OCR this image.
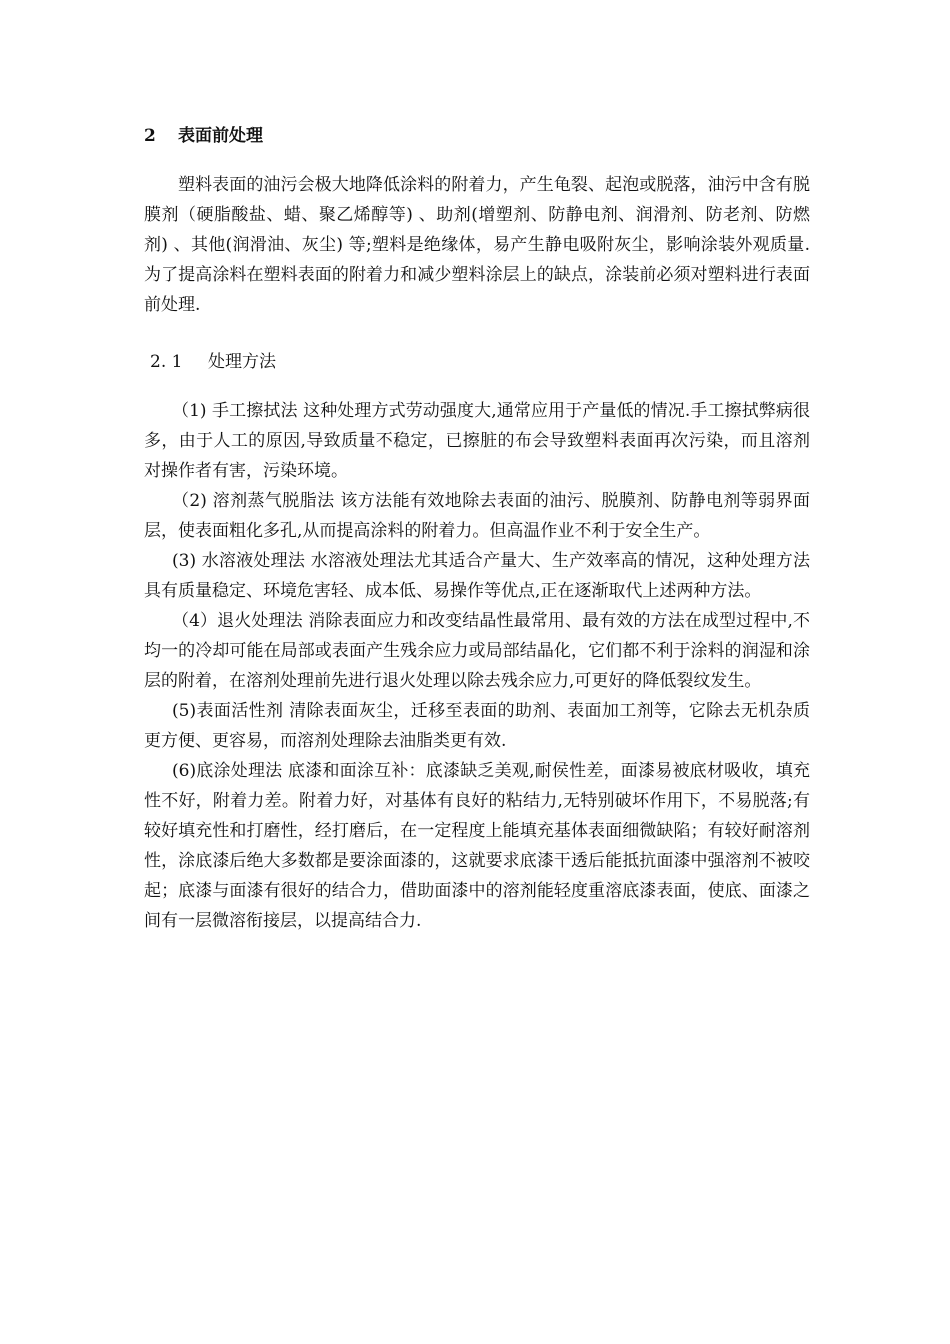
2 表面前处理

塑料表面的油污会极大地降低涂料的附着力，产生龟裂、起泡或脱落，油污中含有脱膜剂（硬脂酸盐、蜡、聚乙烯醇等) 、助剂(增塑剂、防静电剂、润滑剂、防老剂、防燃剂) 、其他(润滑油、灰尘) 等;塑料是绝缘体，易产生静电吸附灰尘，影响涂装外观质量.为了提高涂料在塑料表面的附着力和减少塑料涂层上的缺点，涂装前必须对塑料进行表面前处理.

2. 1 处理方法

（1) 手工擦拭法 这种处理方式劳动强度大,通常应用于产量低的情况.手工擦拭弊病很多，由于人工的原因,导致质量不稳定，已擦脏的布会导致塑料表面再次污染，而且溶剂对操作者有害，污染环境。

（2) 溶剂蒸气脱脂法 该方法能有效地除去表面的油污、脱膜剂、防静电剂等弱界面层，使表面粗化多孔,从而提高涂料的附着力。但高温作业不利于安全生产。

(3) 水溶液处理法 水溶液处理法尤其适合产量大、生产效率高的情况，这种处理方法具有质量稳定、环境危害轻、成本低、易操作等优点,正在逐渐取代上述两种方法。

（4）退火处理法 消除表面应力和改变结晶性最常用、最有效的方法在成型过程中,不均一的冷却可能在局部或表面产生残余应力或局部结晶化，它们都不利于涂料的润湿和涂层的附着，在溶剂处理前先进行退火处理以除去残余应力,可更好的降低裂纹发生。

(5)表面活性剂 清除表面灰尘，迁移至表面的助剂、表面加工剂等，它除去无机杂质更方便、更容易，而溶剂处理除去油脂类更有效.

(6)底涂处理法 底漆和面涂互补：底漆缺乏美观,耐侯性差，面漆易被底材吸收，填充性不好，附着力差。附着力好，对基体有良好的粘结力,无特别破坏作用下，不易脱落;有较好填充性和打磨性，经打磨后，在一定程度上能填充基体表面细微缺陷；有较好耐溶剂性，涂底漆后绝大多数都是要涂面漆的，这就要求底漆干透后能抵抗面漆中强溶剂不被咬起；底漆与面漆有很好的结合力，借助面漆中的溶剂能轻度重溶底漆表面，使底、面漆之间有一层微溶衔接层，以提高结合力.
